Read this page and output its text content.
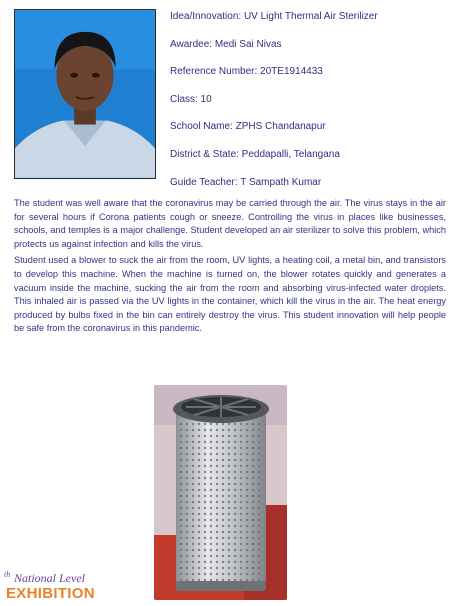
Idea/Innovation: UV Light Thermal Air Sterilizer
Awardee: Medi Sai Nivas
Reference Number: 20TE1914433
Class: 10
School Name: ZPHS Chandanapur
District & State: Peddapalli, Telangana
Guide Teacher: T Sampath Kumar

The student was well aware that the coronavirus may be carried through the air. The virus stays in the air for several hours if Corona patients cough or sneeze. Controlling the virus in places like businesses, schools, and temples is a major challenge. Student developed an air sterilizer to solve this problem, which protects us against infection and kills the virus.

Student used a blower to suck the air from the room, UV lights, a heating coil, a metal bin, and transistors to develop this machine. When the machine is turned on, the blower rotates quickly and generates a vacuum inside the machine, sucking the air from the room and absorbing virus-infected water droplets. This inhaled air is passed via the UV lights in the container, which kill the virus in the air. The heat energy produced by bulbs fixed in the bin can entirely destroy the virus. This student innovation will help people be safe from the coronavirus in this pandemic.

th National Level
EXHIBITION
